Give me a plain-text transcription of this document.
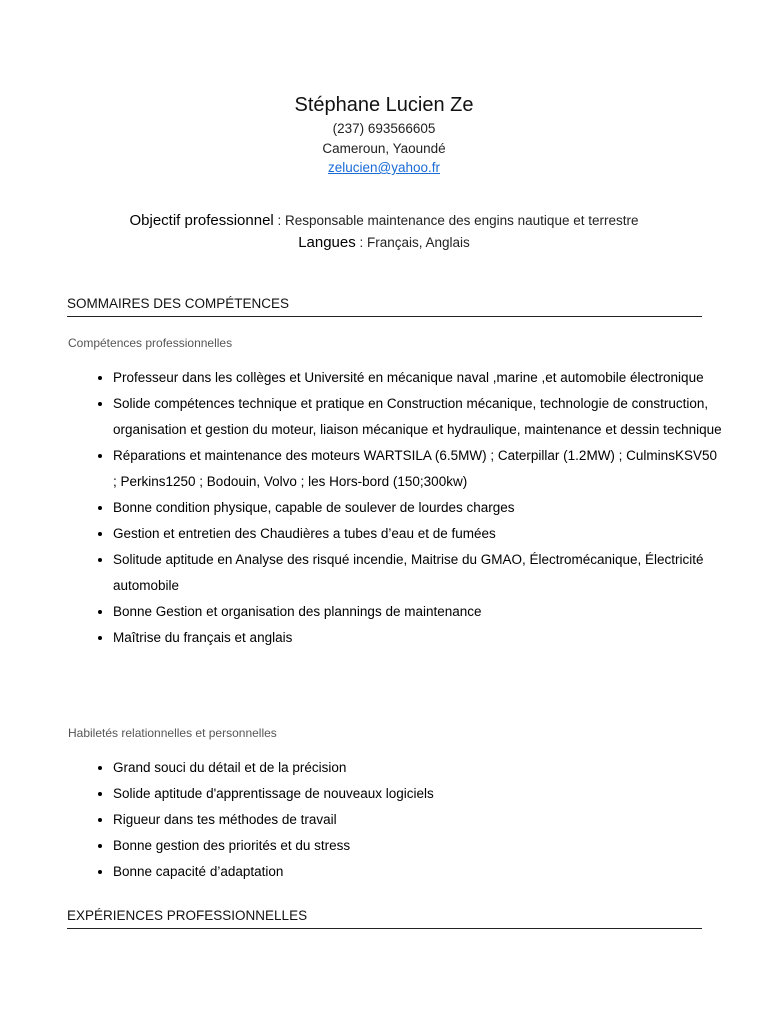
Stéphane Lucien Ze
(237) 693566605
Cameroun, Yaoundé
zelucien@yahoo.fr
Objectif professionnel : Responsable maintenance des engins nautique et terrestre
Langues : Français, Anglais
SOMMAIRES DES COMPÉTENCES
Compétences professionnelles
• Professeur dans les collèges et Université en mécanique naval ,marine ,et automobile électronique
• Solide compétences technique et pratique en Construction mécanique, technologie de construction, organisation et gestion du moteur, liaison mécanique et hydraulique, maintenance et dessin technique
• Réparations et maintenance des moteurs WARTSILA (6.5MW) ; Caterpillar (1.2MW) ; CulminsKSV50 ; Perkins1250 ; Bodouin, Volvo ; les Hors-bord (150;300kw)
• Bonne condition physique, capable de soulever de lourdes charges
• Gestion et entretien des Chaudières a tubes d’eau et de fumées
• Solitude aptitude en Analyse des risqué incendie, Maitrise du GMAO, Électromécanique, Électricité automobile
• Bonne Gestion et organisation des plannings de maintenance
• Maîtrise du français et anglais
Habiletés relationnelles et personnelles
• Grand souci du détail et de la précision
• Solide aptitude d'apprentissage de nouveaux logiciels
• Rigueur dans tes méthodes de travail
• Bonne gestion des priorités et du stress
• Bonne capacité d’adaptation
EXPÉRIENCES PROFESSIONNELLES
